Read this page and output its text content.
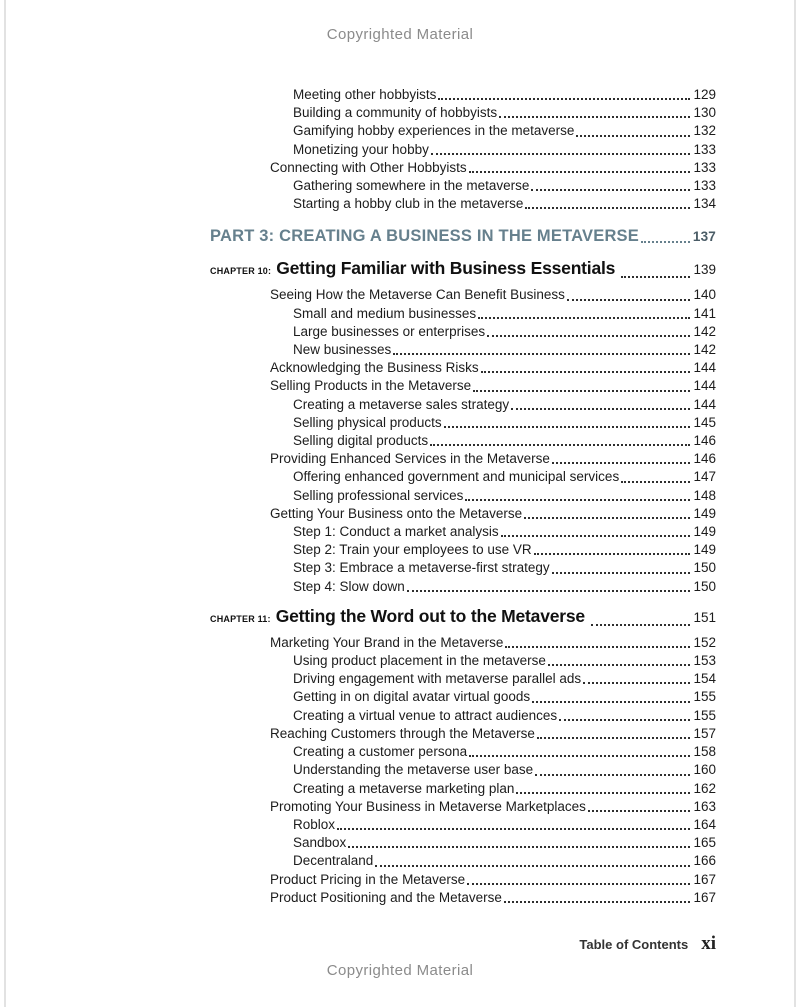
Copyrighted Material
Meeting other hobbyists	129
Building a community of hobbyists	130
Gamifying hobby experiences in the metaverse	132
Monetizing your hobby	133
Connecting with Other Hobbyists	133
Gathering somewhere in the metaverse	133
Starting a hobby club in the metaverse	134
PART 3: CREATING A BUSINESS IN THE METAVERSE	137
CHAPTER 10: Getting Familiar with Business Essentials	139
Seeing How the Metaverse Can Benefit Business	140
Small and medium businesses	141
Large businesses or enterprises	142
New businesses	142
Acknowledging the Business Risks	144
Selling Products in the Metaverse	144
Creating a metaverse sales strategy	144
Selling physical products	145
Selling digital products	146
Providing Enhanced Services in the Metaverse	146
Offering enhanced government and municipal services	147
Selling professional services	148
Getting Your Business onto the Metaverse	149
Step 1: Conduct a market analysis	149
Step 2: Train your employees to use VR	149
Step 3: Embrace a metaverse-first strategy	150
Step 4: Slow down	150
CHAPTER 11: Getting the Word out to the Metaverse	151
Marketing Your Brand in the Metaverse	152
Using product placement in the metaverse	153
Driving engagement with metaverse parallel ads	154
Getting in on digital avatar virtual goods	155
Creating a virtual venue to attract audiences	155
Reaching Customers through the Metaverse	157
Creating a customer persona	158
Understanding the metaverse user base	160
Creating a metaverse marketing plan	162
Promoting Your Business in Metaverse Marketplaces	163
Roblox	164
Sandbox	165
Decentraland	166
Product Pricing in the Metaverse	167
Product Positioning and the Metaverse	167
Table of Contents xi
Copyrighted Material
